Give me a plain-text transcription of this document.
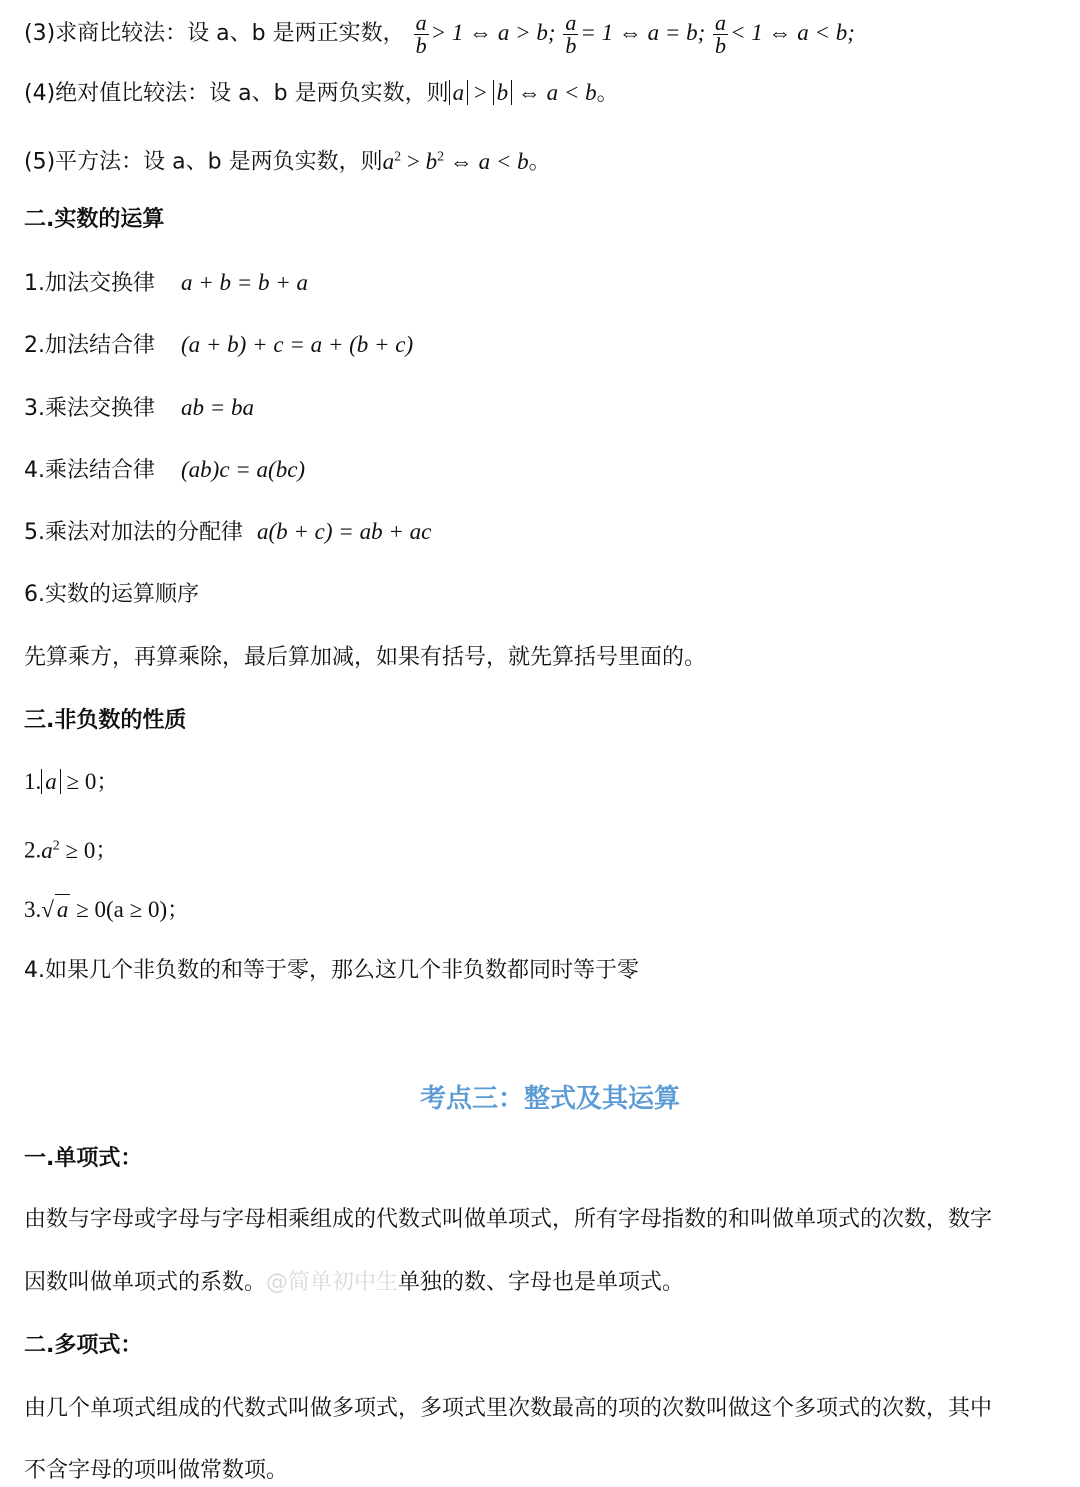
(3)求商比较法：设 a、b 是两正实数， $\frac{a}{b} > 1$ ⇔ a > b; $\frac{a}{b} = 1$ ⇔ a = b; $\frac{a}{b} < 1$ ⇔ a < b;
(4)绝对值比较法：设 a、b 是两负实数，则 a > b ⇔ a < b。
(5)平方法：设 a、b 是两负实数，则$a^2 > b^2$ ⇔ a < b。
二.实数的运算
1.加法交换律 a + b = b + a
2.加法结合律 (a + b) + c = a + (b + c)
3.乘法交换律 ab = ba
4.乘法结合律 (ab)c = a(bc)
5.乘法对加法的分配律 a(b + c) = ab + ac
6.实数的运算顺序
先算乘方，再算乘除，最后算加减，如果有括号，就先算括号里面的。
三.非负数的性质
1. a ≥ 0；
$2.a^2 \ge 0$；
3.√ a ≥ 0(a ≥ 0)；
4.如果几个非负数的和等于零，那么这几个非负数都同时等于零
考点三：整式及其运算
一.单项式：
由数与字母或字母与字母相乘组成的代数式叫做单项式，所有字母指数的和叫做单项式的次数，数字
因数叫做单项式的系数。@简单初中生单独的数、字母也是单项式。
二.多项式：
由几个单项式组成的代数式叫做多项式，多项式里次数最高的项的次数叫做这个多项式的次数，其中
不含字母的项叫做常数项。
